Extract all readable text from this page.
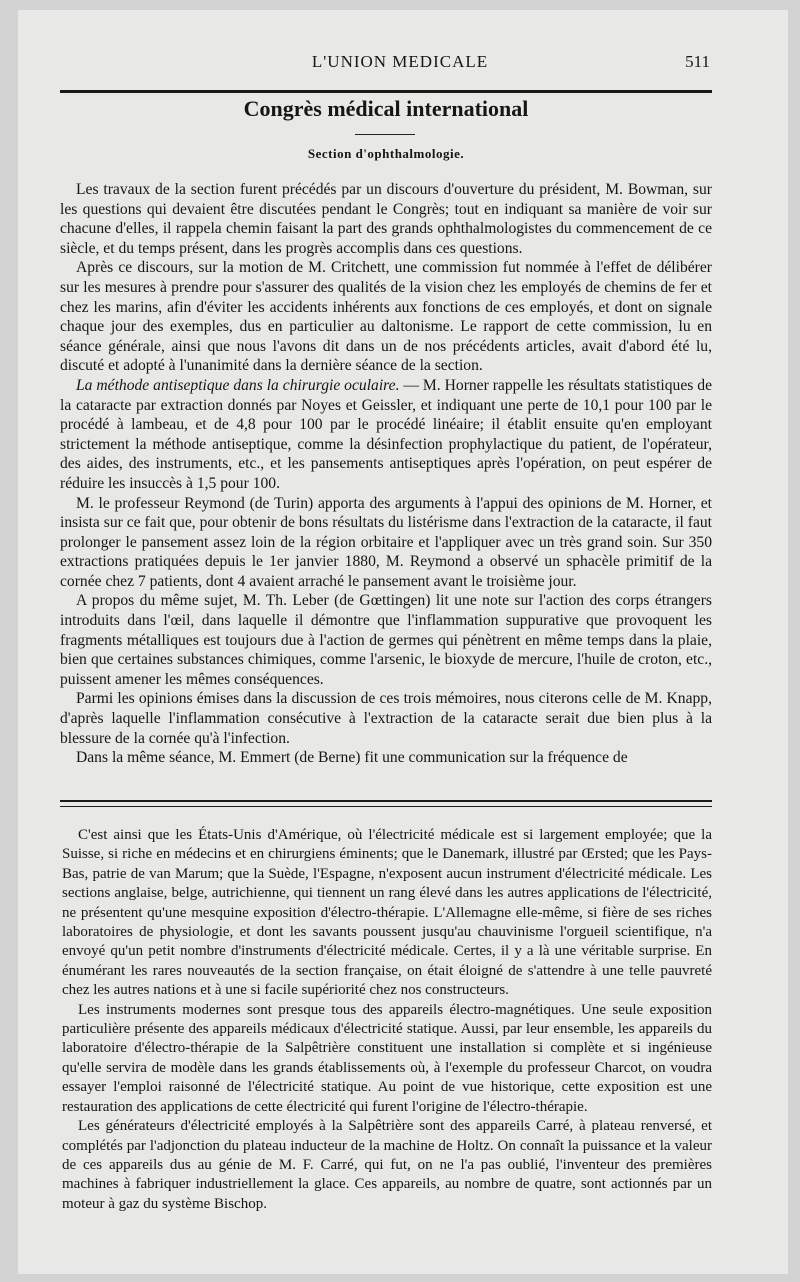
L'UNION MEDICALE	511
Congrès médical international
Section d'ophthalmologie.

Les travaux de la section furent précédés par un discours d'ouverture du président, M. Bowman, sur les questions qui devaient être discutées pendant le Congrès; tout en indiquant sa manière de voir sur chacune d'elles, il rappela chemin faisant la part des grands ophthalmologistes du commencement de ce siècle, et du temps présent, dans les progrès accomplis dans ces questions.

Après ce discours, sur la motion de M. Critchett, une commission fut nommée à l'effet de délibérer sur les mesures à prendre pour s'assurer des qualités de la vision chez les employés de chemins de fer et chez les marins, afin d'éviter les accidents inhérents aux fonctions de ces employés, et dont on signale chaque jour des exemples, dus en particulier au daltonisme. Le rapport de cette commission, lu en séance générale, ainsi que nous l'avons dit dans un de nos précédents articles, avait d'abord été lu, discuté et adopté à l'unanimité dans la dernière séance de la section.

La méthode antiseptique dans la chirurgie oculaire. — M. Horner rappelle les résultats statistiques de la cataracte par extraction donnés par Noyes et Geissler, et indiquant une perte de 10,1 pour 100 par le procédé à lambeau, et de 4,8 pour 100 par le procédé linéaire; il établit ensuite qu'en employant strictement la méthode antiseptique, comme la désinfection prophylactique du patient, de l'opérateur, des aides, des instruments, etc., et les pansements antiseptiques après l'opération, on peut espérer de réduire les insuccès à 1,5 pour 100.

M. le professeur Reymond (de Turin) apporta des arguments à l'appui des opinions de M. Horner, et insista sur ce fait que, pour obtenir de bons résultats du listérisme dans l'extraction de la cataracte, il faut prolonger le pansement assez loin de la région orbitaire et l'appliquer avec un très grand soin. Sur 350 extractions pratiquées depuis le 1er janvier 1880, M. Reymond a observé un sphacèle primitif de la cornée chez 7 patients, dont 4 avaient arraché le pansement avant le troisième jour.

A propos du même sujet, M. Th. Leber (de Gœttingen) lit une note sur l'action des corps étrangers introduits dans l'œil, dans laquelle il démontre que l'inflammation suppurative que provoquent les fragments métalliques est toujours due à l'action de germes qui pénètrent en même temps dans la plaie, bien que certaines substances chimiques, comme l'arsenic, le bioxyde de mercure, l'huile de croton, etc., puissent amener les mêmes conséquences.

Parmi les opinions émises dans la discussion de ces trois mémoires, nous citerons celle de M. Knapp, d'après laquelle l'inflammation consécutive à l'extraction de la cataracte serait due bien plus à la blessure de la cornée qu'à l'infection.

Dans la même séance, M. Emmert (de Berne) fit une communication sur la fréquence de

C'est ainsi que les États-Unis d'Amérique, où l'électricité médicale est si largement employée; que la Suisse, si riche en médecins et en chirurgiens éminents; que le Danemark, illustré par Œrsted; que les Pays-Bas, patrie de van Marum; que la Suède, l'Espagne, n'exposent aucun instrument d'électricité médicale. Les sections anglaise, belge, autrichienne, qui tiennent un rang élevé dans les autres applications de l'électricité, ne présentent qu'une mesquine exposition d'électro-thérapie. L'Allemagne elle-même, si fière de ses riches laboratoires de physiologie, et dont les savants poussent jusqu'au chauvinisme l'orgueil scientifique, n'a envoyé qu'un petit nombre d'instruments d'électricité médicale. Certes, il y a là une véritable surprise. En énumérant les rares nouveautés de la section française, on était éloigné de s'attendre à une telle pauvreté chez les autres nations et à une si facile supériorité chez nos constructeurs.

Les instruments modernes sont presque tous des appareils électro-magnétiques. Une seule exposition particulière présente des appareils médicaux d'électricité statique. Aussi, par leur ensemble, les appareils du laboratoire d'électro-thérapie de la Salpêtrière constituent une installation si complète et si ingénieuse qu'elle servira de modèle dans les grands établissements où, à l'exemple du professeur Charcot, on voudra essayer l'emploi raisonné de l'électricité statique. Au point de vue historique, cette exposition est une restauration des applications de cette électricité qui furent l'origine de l'électro-thérapie.

Les générateurs d'électricité employés à la Salpêtrière sont des appareils Carré, à plateau renversé, et complétés par l'adjonction du plateau inducteur de la machine de Holtz. On connaît la puissance et la valeur de ces appareils dus au génie de M. F. Carré, qui fut, on ne l'a pas oublié, l'inventeur des premières machines à fabriquer industriellement la glace. Ces appareils, au nombre de quatre, sont actionnés par un moteur à gaz du système Bischop.
